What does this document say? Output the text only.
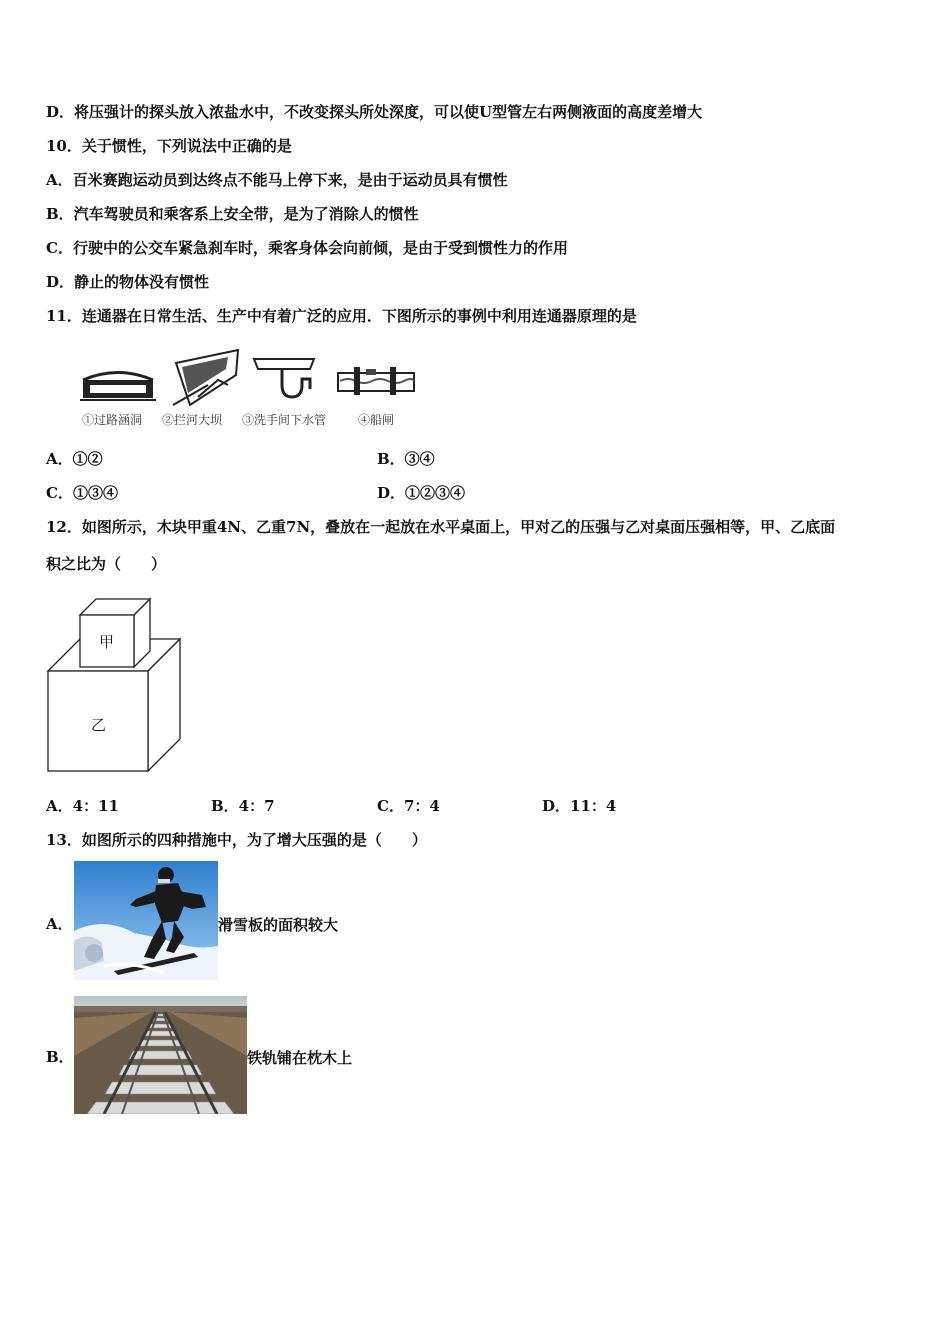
D．将压强计的探头放入浓盐水中，不改变探头所处深度，可以使U型管左右两侧液面的高度差增大
10．关于惯性，下列说法中正确的是
A．百米赛跑运动员到达终点不能马上停下来，是由于运动员具有惯性
B．汽车驾驶员和乘客系上安全带，是为了消除人的惯性
C．行驶中的公交车紧急刹车时，乘客身体会向前倾，是由于受到惯性力的作用
D．静止的物体没有惯性
11．连通器在日常生活、生产中有着广泛的应用．下图所示的事例中利用连通器原理的是
①过路涵洞 ②拦河大坝 ③洗手间下水管	④船闸
A．①②	B．③④
C．①③④	D．①②③④
12．如图所示，木块甲重4N、乙重7N，叠放在一起放在水平桌面上，甲对乙的压强与乙对桌面压强相等，甲、乙底面
积之比为（　　）
甲
乙
A．4：11	B．4：7	C．7：4	D．11：4
13．如图所示的四种措施中，为了增大压强的是（　　）
A．	滑雪板的面积较大
B．	铁轨铺在枕木上
